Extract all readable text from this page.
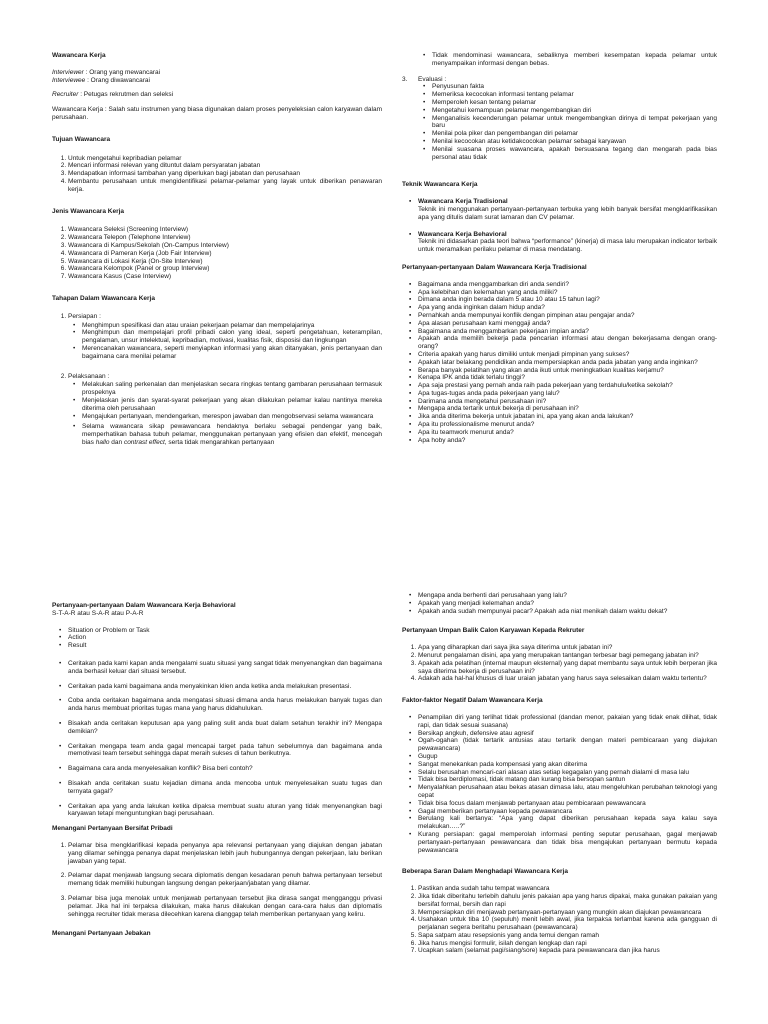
Wawancara Kerja
Interviewer : Orang yang mewancarai
Interviewee : Orang diwawancarai
Recruiter : Petugas rekrutmen dan seleksi

Wawancara Kerja : Salah satu instrumen yang biasa digunakan dalam proses penyeleksian calon karyawan dalam perusahaan.

Tujuan Wawancara
1. Untuk mengetahui kepribadian pelamar
2. Mencari informasi relevan yang dituntut dalam persyaratan jabatan
3. Mendapatkan informasi tambahan yang diperlukan bagi jabatan dan perusahaan
4. Membantu perusahaan untuk mengidentifikasi pelamar-pelamar yang layak untuk diberikan penawaran kerja.
Jenis Wawancara Kerja
1. Wawancara Seleksi (Screening Interview)
2. Wawancara Telepon (Telephone Interview)
3. Wawancara di Kampus/Sekolah (On-Campus Interview)
4. Wawancara di Pameran Kerja (Job Fair Interview)
5. Wawancara di Lokasi Kerja (On-Site Interview)
6. Wawancara Kelompok (Panel or group Interview)
7. Wawancara Kasus (Case Interview)
Tahapan Dalam Wawancara Kerja
1. Persiapan :
• Menghimpun spesifikasi dan atau uraian pekerjaan pelamar dan mempelajarinya
• Menghimpun dan mempelajari profil pribadi calon yang ideal, seperti pengetahuan, keterampilan, pengalaman, unsur intelektual, kepribadian, motivasi, kualitas fisik, disposisi dan lingkungan
• Merencanakan wawancara, seperti menyiapkan informasi yang akan ditanyakan, jenis pertanyaan dan bagaimana cara menilai pelamar
2. Pelaksanaan :
• Melakukan saling perkenalan dan menjelaskan secara ringkas tentang gambaran perusahaan termasuk prospeknya
• Menjelaskan jenis dan syarat-syarat pekerjaan yang akan dilakukan pelamar kalau nantinya mereka diterima oleh perusahaan
• Mengajukan pertanyaan, mendengarkan, merespon jawaban dan mengobservasi selama wawancara
• Selama wawancara sikap pewawancara hendaknya berlaku sebagai pendengar yang baik, memperhatikan bahasa tubuh pelamar, menggunakan pertanyaan yang efisien dan efektif, mencegah bias hallo dan contrast effect, serta tidak mengarahkan pertanyaan
• Tidak mendominasi wawancara, sebaliknya memberi kesempatan kepada pelamar untuk menyampaikan informasi dengan bebas.
3. Evaluasi :
• Penyusunan fakta
• Memeriksa kecocokan informasi tentang pelamar
• Memperoleh kesan tentang pelamar
• Mengetahui kemampuan pelamar mengembangkan diri
• Menganalisis kecenderungan pelamar untuk mengembangkan dirinya di tempat pekerjaan yang baru
• Menilai pola piker dan pengembangan diri pelamar
• Menilai kecocokan atau ketidakcocokan pelamar sebagai karyawan
• Menilai suasana proses wawancara, apakah bersuasana tegang dan mengarah pada bias personal atau tidak
Teknik Wawancara Kerja
▪ Wawancara Kerja Tradisional
Teknik ini menggunakan pertanyaan-pertanyaan terbuka yang lebih banyak bersifat mengklarifikasikan apa yang ditulis dalam surat lamaran dan CV pelamar.
▪ Wawancara Kerja Behavioral
Teknik ini didasarkan pada teori bahwa “performance” (kinerja) di masa lalu merupakan indicator terbaik untuk meramalkan perilaku pelamar di masa mendatang.
Pertanyaan-pertanyaan Dalam Wawancara Kerja Tradisional
▪ Bagaimana anda menggambarkan diri anda sendiri?
▪ Apa kelebihan dan kelemahan yang anda miliki?
▪ Dimana anda ingin berada dalam 5 atau 10 atau 15 tahun lagi?
▪ Apa yang anda inginkan dalam hidup anda?
▪ Pernahkah anda mempunyai konflik dengan pimpinan atau pengajar anda?
▪ Apa alasan perusahaan kami menggaji anda?
▪ Bagaimana anda menggambarkan pekerjaan impian anda?
▪ Apakah anda memilih bekerja pada pencarian informasi atau dengan bekerjasama dengan orang-orang?
▪ Criteria apakah yang harus dimiliki untuk menjadi pimpinan yang sukses?
▪ Apakah latar belakang pendidikan anda mempersiapkan anda pada jabatan yang anda inginkan?
▪ Berapa banyak pelatihan yang akan anda ikuti untuk meningkatkan kualitas kerjamu?
▪ Kenapa IPK anda tidak terlalu tinggi?
▪ Apa saja prestasi yang pernah anda raih pada pekerjaan yang terdahulu/ketika sekolah?
▪ Apa tugas-tugas anda pada pekerjaan yang lalu?
▪ Darimana anda mengetahui perusahaan ini?
▪ Mengapa anda tertarik untuk bekerja di perusahaan ini?
▪ Jika anda diterima bekerja untuk jabatan ini, apa yang akan anda lakukan?
▪ Apa itu professionalisme menurut anda?
▪ Apa itu teamwork menurut anda?
▪ Apa hoby anda?
Pertanyaan-pertanyaan Dalam Wawancara Kerja Behavioral
S-T-A-R atau S-A-R atau P-A-R
• Situation or Problem or Task
• Action
• Result
• Ceritakan pada kami kapan anda mengalami suatu situasi yang sangat tidak menyenangkan dan bagaimana anda berhasil keluar dari situasi tersebut.
• Ceritakan pada kami bagaimana anda menyakinkan klien anda ketika anda melakukan presentasi.
• Coba anda ceritakan bagaimana anda mengatasi situasi dimana anda harus melakukan banyak tugas dan anda harus membuat prioritas tugas mana yang harus didahulukan.
▪ Bisakah anda ceritakan keputusan apa yang paling sulit anda buat dalam setahun terakhir ini? Mengapa demikian?
• Ceritakan mengapa team anda gagal mencapai target pada tahun sebelumnya dan bagaimana anda memotivasi team tersebut sehingga dapat meraih sukses di tahun berikutnya.
• Bagaimana cara anda menyelesaikan konflik? Bisa beri contoh?
• Bisakah anda ceritakan suatu kejadian dimana anda mencoba untuk menyelesaikan suatu tugas dan ternyata gagal?
• Ceritakan apa yang anda lakukan ketika dipaksa membuat suatu aturan yang tidak menyenangkan bagi karyawan tetapi menguntungkan bagi perusahaan.
Menangani Pertanyaan Bersifat Pribadi
1. Pelamar bisa mengklarifikasi kepada penyanya apa relevansi pertanyaan yang diajukan dengan jabatan yang dilamar sehingga penanya dapat menjelaskan lebih jauh hubungannya dengan pekerjaan, lalu berikan jawaban yang tepat.
2. Pelamar dapat menjawab langsung secara diplomatis dengan kesadaran penuh bahwa pertanyaan tersebut memang tidak memiliki hubungan langsung dengan pekerjaan/jabatan yang dilamar.
3. Pelamar bisa juga menolak untuk menjawab pertanyaan tersebut jika dirasa sangat mengganggu privasi pelamar. Jika hal ini terpaksa dilakukan, maka harus dilakukan dengan cara-cara halus dan diplomatis sehingga recruiter tidak merasa dilecehkan karena dianggap telah memberikan pertanyaan yang keliru.
Menangani Pertanyaan Jebakan
• Mengapa anda berhenti dari perusahaan yang lalu?
• Apakah yang menjadi kelemahan anda?
• Apakah anda sudah mempunyai pacar? Apakah ada niat menikah dalam waktu dekat?
Pertanyaan Umpan Balik Calon Karyawan Kepada Rekruter
1. Apa yang diharapkan dari saya jika saya diterima untuk jabatan ini?
2. Menurut pengalaman disini, apa yang merupakan tantangan terbesar bagi pemegang jabatan ini?
3. Apakah ada pelatihan (internal maupun eksternal) yang dapat membantu saya untuk lebih berperan jika saya diterima bekerja di perusahaan ini?
4. Adakah ada hal-hal khusus di luar uraian jabatan yang harus saya selesaikan dalam waktu tertentu?
Faktor-faktor Negatif Dalam Wawancara Kerja
• Penampilan diri yang terlihat tidak professional (dandan menor, pakaian yang tidak enak dilihat, tidak rapi, dan tidak sesuai suasana)
• Bersikap angkuh, defensive atau agresif
• Ogah-ogahan (tidak tertarik antusias atau tertarik dengan materi pembicaraan yang diajukan pewawancara)
• Gugup
• Sangat menekankan pada kompensasi yang akan diterima
• Selalu berusahan mencari-cari alasan atas setiap kegagalan yang pernah dialami di masa lalu
• Tidak bisa berdiplomasi, tidak matang dan kurang bisa bersopan santun
• Menyalahkan perusahaan atau bekas atasan dimasa lalu, atau mengeluhkan perubahan teknologi yang cepat
• Tidak bisa focus dalam menjawab pertanyaan atau pembicaraan pewawancara
• Gagal memberikan pertanyaan kepada pewawancara
• Berulang kali bertanya: “Apa yang dapat diberikan perusahaan kepada saya kalau saya melakukan…..?”
• Kurang persiapan: gagal memperolah informasi penting seputar perusahaan, gagal menjawab pertanyaan-pertanyaan pewawancara dan tidak bisa mengajukan pertanyaan bermutu kepada pewawancara
Beberapa Saran Dalam Menghadapi Wawancara Kerja
1. Pastikan anda sudah tahu tempat wawancara
2. Jika tidak diberitahu terlebih dahulu jenis pakaian apa yang harus dipakai, maka gunakan pakaian yang bersifat formal, bersih dan rapi
3. Mempersiapkan diri menjawab pertanyaan-pertanyaan yang mungkin akan diajukan pewawancara
4. Usahakan untuk tiba 10 (sepuluh) menit lebih awal, jika terpaksa terlambat karena ada gangguan di perjalanan segera beritahu perusahaan (pewawancara)
5. Sapa satpam atau resepsionis yang anda temui dengan ramah
6. Jika harus mengisi formulir, isilah dengan lengkap dan rapi
7. Ucapkan salam (selamat pagi/siang/sore) kepada para pewawancara dan jika harus
